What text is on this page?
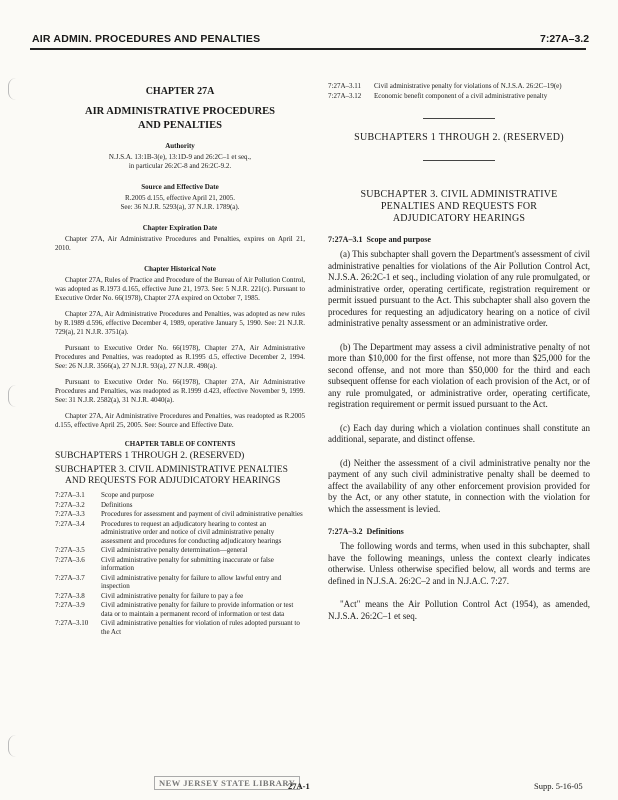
AIR ADMIN. PROCEDURES AND PENALTIES	7:27A–3.2
CHAPTER 27A
AIR ADMINISTRATIVE PROCEDURES
AND PENALTIES
Authority

N.J.S.A. 13:1B-3(e), 13:1D-9 and 26:2C–1 et seq.,

in particular 26:2C-8 and 26:2C-9.2.

Source and Effective Date

R.2005 d.155, effective April 21, 2005.

See: 36 N.J.R. 5293(a), 37 N.J.R. 1789(a).

Chapter Expiration Date

Chapter 27A, Air Administrative Procedures and Penalties, expires on April 21, 2010.

Chapter Historical Note

Chapter 27A, Rules of Practice and Procedure of the Bureau of Air Pollution Control, was adopted as R.1973 d.165, effective June 21, 1973. See: 5 N.J.R. 221(c). Pursuant to Executive Order No. 66(1978), Chapter 27A expired on October 7, 1985.

Chapter 27A, Air Administrative Procedures and Penalties, was adopted as new rules by R.1989 d.596, effective December 4, 1989, operative January 5, 1990. See: 21 N.J.R. 729(a), 21 N.J.R. 3751(a).

Pursuant to Executive Order No. 66(1978), Chapter 27A, Air Administrative Procedures and Penalties, was readopted as R.1995 d.5, effective December 2, 1994. See: 26 N.J.R. 3566(a), 27 N.J.R. 93(a), 27 N.J.R. 498(a).

Pursuant to Executive Order No. 66(1978), Chapter 27A, Air Administrative Procedures and Penalties, was readopted as R.1999 d.423, effective November 9, 1999. See: 31 N.J.R. 2582(a), 31 N.J.R. 4040(a).

Chapter 27A, Air Administrative Procedures and Penalties, was readopted as R.2005 d.155, effective April 25, 2005. See: Source and Effective Date.

CHAPTER TABLE OF CONTENTS
SUBCHAPTERS 1 THROUGH 2. (RESERVED)
SUBCHAPTER 3. CIVIL ADMINISTRATIVE PENALTIES AND REQUESTS FOR ADJUDICATORY HEARINGS
7:27A–3.1	Scope and purpose
7:27A–3.2	Definitions
7:27A–3.3	Procedures for assessment and payment of civil administrative penalties
7:27A–3.4	Procedures to request an adjudicatory hearing to contest an administrative order and notice of civil administrative penalty assessment and procedures for conducting adjudicatory hearings
7:27A–3.5	Civil administrative penalty determination—general
7:27A–3.6	Civil administrative penalty for submitting inaccurate or false information
7:27A–3.7	Civil administrative penalty for failure to allow lawful entry and inspection
7:27A–3.8	Civil administrative penalty for failure to pay a fee
7:27A–3.9	Civil administrative penalty for failure to provide information or test data or to maintain a permanent record of information or test data
7:27A–3.10	Civil administrative penalties for violation of rules adopted pursuant to the Act
7:27A–3.11	Civil administrative penalty for violations of N.J.S.A. 26:2C–19(e)
7:27A–3.12	Economic benefit component of a civil administrative penalty
SUBCHAPTERS 1 THROUGH 2. (RESERVED)
SUBCHAPTER 3. CIVIL ADMINISTRATIVE
PENALTIES AND REQUESTS FOR
ADJUDICATORY HEARINGS
7:27A–3.1 Scope and purpose

(a) This subchapter shall govern the Department's assessment of civil administrative penalties for violations of the Air Pollution Control Act, N.J.S.A. 26:2C-1 et seq., including violation of any rule promulgated, or administrative order, operating certificate, registration requirement or permit issued pursuant to the Act. This subchapter shall also govern the procedures for requesting an adjudicatory hearing on a notice of civil administrative penalty assessment or an administrative order.

(b) The Department may assess a civil administrative penalty of not more than $10,000 for the first offense, not more than $25,000 for the second offense, and not more than $50,000 for the third and each subsequent offense for each violation of each provision of the Act, or of any rule promulgated, or administrative order, operating certificate, registration requirement or permit issued pursuant to the Act.

(c) Each day during which a violation continues shall constitute an additional, separate, and distinct offense.

(d) Neither the assessment of a civil administrative penalty nor the payment of any such civil administrative penalty shall be deemed to affect the availability of any other enforcement provision provided for by the Act, or any other statute, in connection with the violation for which the assessment is levied.

7:27A–3.2 Definitions

The following words and terms, when used in this subchapter, shall have the following meanings, unless the context clearly indicates otherwise. Unless otherwise specified below, all words and terms are defined in N.J.S.A. 26:2C–2 and in N.J.A.C. 7:27.

"Act" means the Air Pollution Control Act (1954), as amended, N.J.S.A. 26:2C–1 et seq.

NEW JERSEY STATE LIBRARY
27A-1	Supp. 5-16-05
